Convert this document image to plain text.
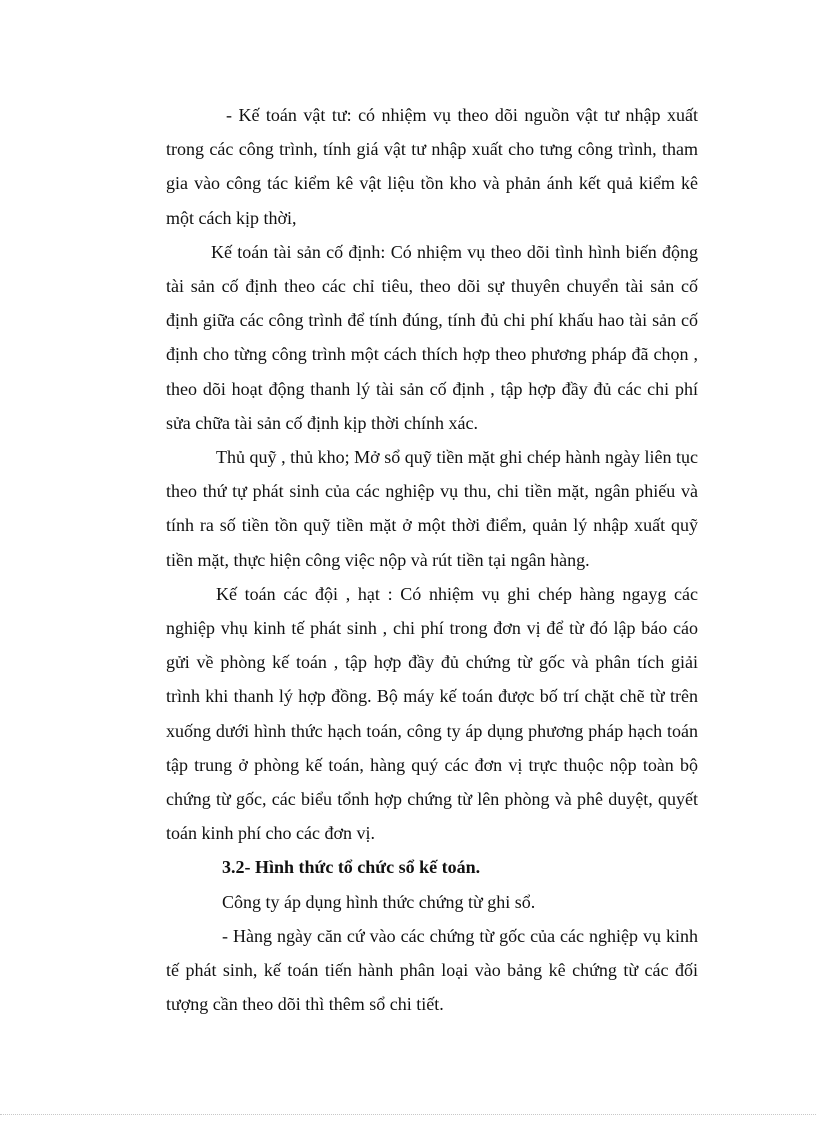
- Kế toán vật tư: có nhiệm vụ theo dõi nguồn vật tư nhập xuất trong các công trình, tính giá vật tư nhập xuất cho tưng công trình, tham gia vào công tác kiểm kê vật liệu tồn kho và phản ánh kết quả kiểm kê một cách kịp thời,

Kế toán tài sản cố định: Có nhiệm vụ theo dõi tình hình biến động tài sản cố định theo các chỉ tiêu, theo dõi sự thuyên chuyển tài sản cố định giữa các công trình để tính đúng, tính đủ chi phí khấu hao tài sản cố định cho từng công trình một cách thích hợp theo phương pháp đã chọn , theo dõi hoạt động thanh lý tài sản cố định , tập hợp đầy đủ các chi phí sửa chữa tài sản cố định kịp thời chính xác.

Thủ quỹ , thủ kho; Mở sổ quỹ tiền mặt ghi chép hành ngày liên tục theo thứ tự phát sinh của các nghiệp vụ thu, chi tiền mặt, ngân phiếu và tính ra số tiền tồn quỹ tiền mặt ở một thời điểm, quản lý nhập xuất quỹ tiền mặt, thực hiện công việc nộp và rút tiền tại ngân hàng.

Kế toán các đội , hạt : Có nhiệm vụ ghi chép hàng ngayg các nghiệp vhụ kinh tế phát sinh , chi phí trong đơn vị để từ đó lập báo cáo gửi về phòng kế toán , tập hợp đầy đủ chứng từ gốc và phân tích giải trình khi thanh lý hợp đồng. Bộ máy kế toán được bố trí chặt chẽ từ trên xuống dưới hình thức hạch toán, công ty áp dụng phương pháp hạch toán tập trung ở phòng kế toán, hàng quý các đơn vị trực thuộc nộp toàn bộ chứng từ gốc, các biểu tổnh hợp chứng từ lên phòng và phê duyệt, quyết toán kinh phí cho các đơn vị.

3.2- Hình thức tổ chức sổ kế toán.

Công ty áp dụng hình thức chứng từ ghi sổ.

- Hàng ngày căn cứ vào các chứng từ gốc của các nghiệp vụ kinh tế phát sinh, kế toán tiến hành phân loại vào bảng kê chứng từ các đối tượng cần theo dõi thì thêm sổ chi tiết.
